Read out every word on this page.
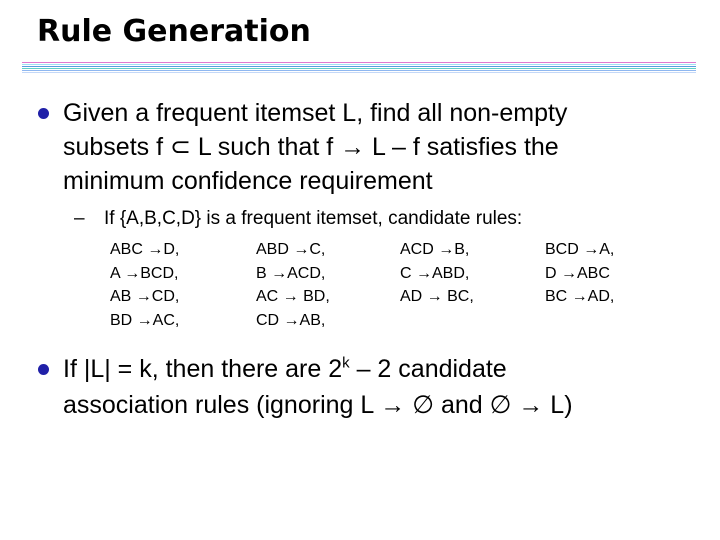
Rule Generation
Given a frequent itemset L, find all non-empty
subsets f ⊂ L such that f → L – f satisfies the
minimum confidence requirement
– If {A,B,C,D} is a frequent itemset, candidate rules:
ABC →D,
A →BCD,
AB →CD,
BD →AC,
ABD →C,
B →ACD,
AC → BD,
CD →AB,
ACD →B,
C →ABD,
AD → BC,
BCD →A,
D →ABC
BC →AD,
If |L| = k, then there are 2$^k$ – 2 candidate
association rules (ignoring L → ∅ and ∅ → L)
